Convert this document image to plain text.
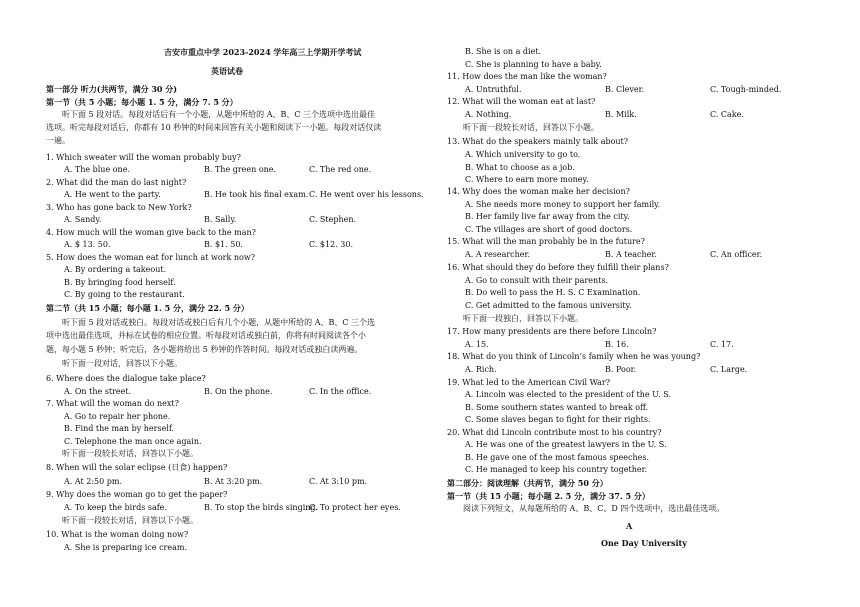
吉安市重点中学 2023-2024 学年高三上学期开学考试
英语试卷
第一部分 听力(共两节，满分 30 分)
第一节（共 5 小题；每小题 1. 5 分，满分 7. 5 分）
听下面 5 段对话。每段对话后有一个小题，从题中所给的 A、B、C 三个选项中选出最佳
选项。听完每段对话后，你都有 10 秒钟的时间来回答有关小题和阅读下一小题。每段对话仅读
一遍。
1. Which sweater will the woman probably buy?
A. The blue one.	B. The green one.	C. The red one.
2. What did the man do last night?
A. He went to the party.	B. He took his final exam. C. He went over his lessons.
3. Who has gone back to New York?
A. Sandy.	B. Sally.	C. Stephen.
4. How much will the woman give back to the man?
A. $ 13. 50.	B. $1. 50.	C. $12. 30.
5. How does the woman eat for lunch at work now?
A. By ordering a takeout.
B. By bringing food herself.
C. By going to the restaurant.
第二节（共 15 小题；每小题 1. 5 分，满分 22. 5 分）
听下面 5 段对话或独白。每段对话或独白后有几个小题，从题中所给的 A、B、C 三个选
项中选出最佳选项，并标在试卷的相应位置。听每段对话或独白前，你将有时间阅读各个小
题，每小题 5 秒钟；听完后，各小题将给出 5 秒钟的作答时间。每段对话或独白读两遍。
听下面一段对话，回答以下小题。
6. Where does the dialogue take place?
A. On the street.	B. On the phone.	C. In the office.
7. What will the woman do next?
A. Go to repair her phone.
B. Find the man by herself.
C. Telephone the man once again.
听下面一段较长对话，回答以下小题。
8. When will the solar eclipse (日食) happen?
A. At 2:50 pm.	B. At 3:20 pm.	C. At 3:10 pm.
9. Why does the woman go to get the paper?
A. To keep the birds safe.	B. To stop the birds singing.
C. To protect her eyes.
听下面一段较长对话，回答以下小题。
10. What is the woman doing now?
A. She is preparing ice cream.
B. She is on a diet.
C. She is planning to have a baby.
11. How does the man like the woman?
A. Untruthful.	B. Clever.	C. Tough-minded.
12. What will the woman eat at last?
A. Nothing.	B. Milk.	C. Cake.
听下面一段较长对话，回答以下小题。
13. What do the speakers mainly talk about?
A. Which university to go to.
B. What to choose as a job.
C. Where to earn more money.
14. Why does the woman make her decision?
A. She needs more money to support her family.
B. Her family live far away from the city.
C. The villages are short of good doctors.
15. What will the man probably be in the future?
A. A researcher.	B. A teacher.	C. An officer.
16. What should they do before they fulfill their plans?
A. Go to consult with their parents.
B. Do well to pass the H. S. C Examination.
C. Get admitted to the famous university.
听下面一段独白，回答以下小题。
17. How many presidents are there before Lincoln?
A. 15.	B. 16.	C. 17.
18. What do you think of Lincoln’s family when he was young?
A. Rich.	B. Poor.	C. Large.
19. What led to the American Civil War?
A. Lincoln was elected to the president of the U. S.
B. Some southern states wanted to break off.
C. Some slaves began to fight for their rights.
20. What did Lincoln contribute most to his country?
A. He was one of the greatest lawyers in the U. S.
B. He gave one of the most famous speeches.
C. He managed to keep his country together.
第二部分：阅读理解（共两节，满分 50 分）
第一节（共 15 小题；每小题 2. 5 分，满分 37. 5 分）
阅读下列短文，从每题所给的 A、B、C、D 四个选项中，选出最佳选项。
A
One Day University
